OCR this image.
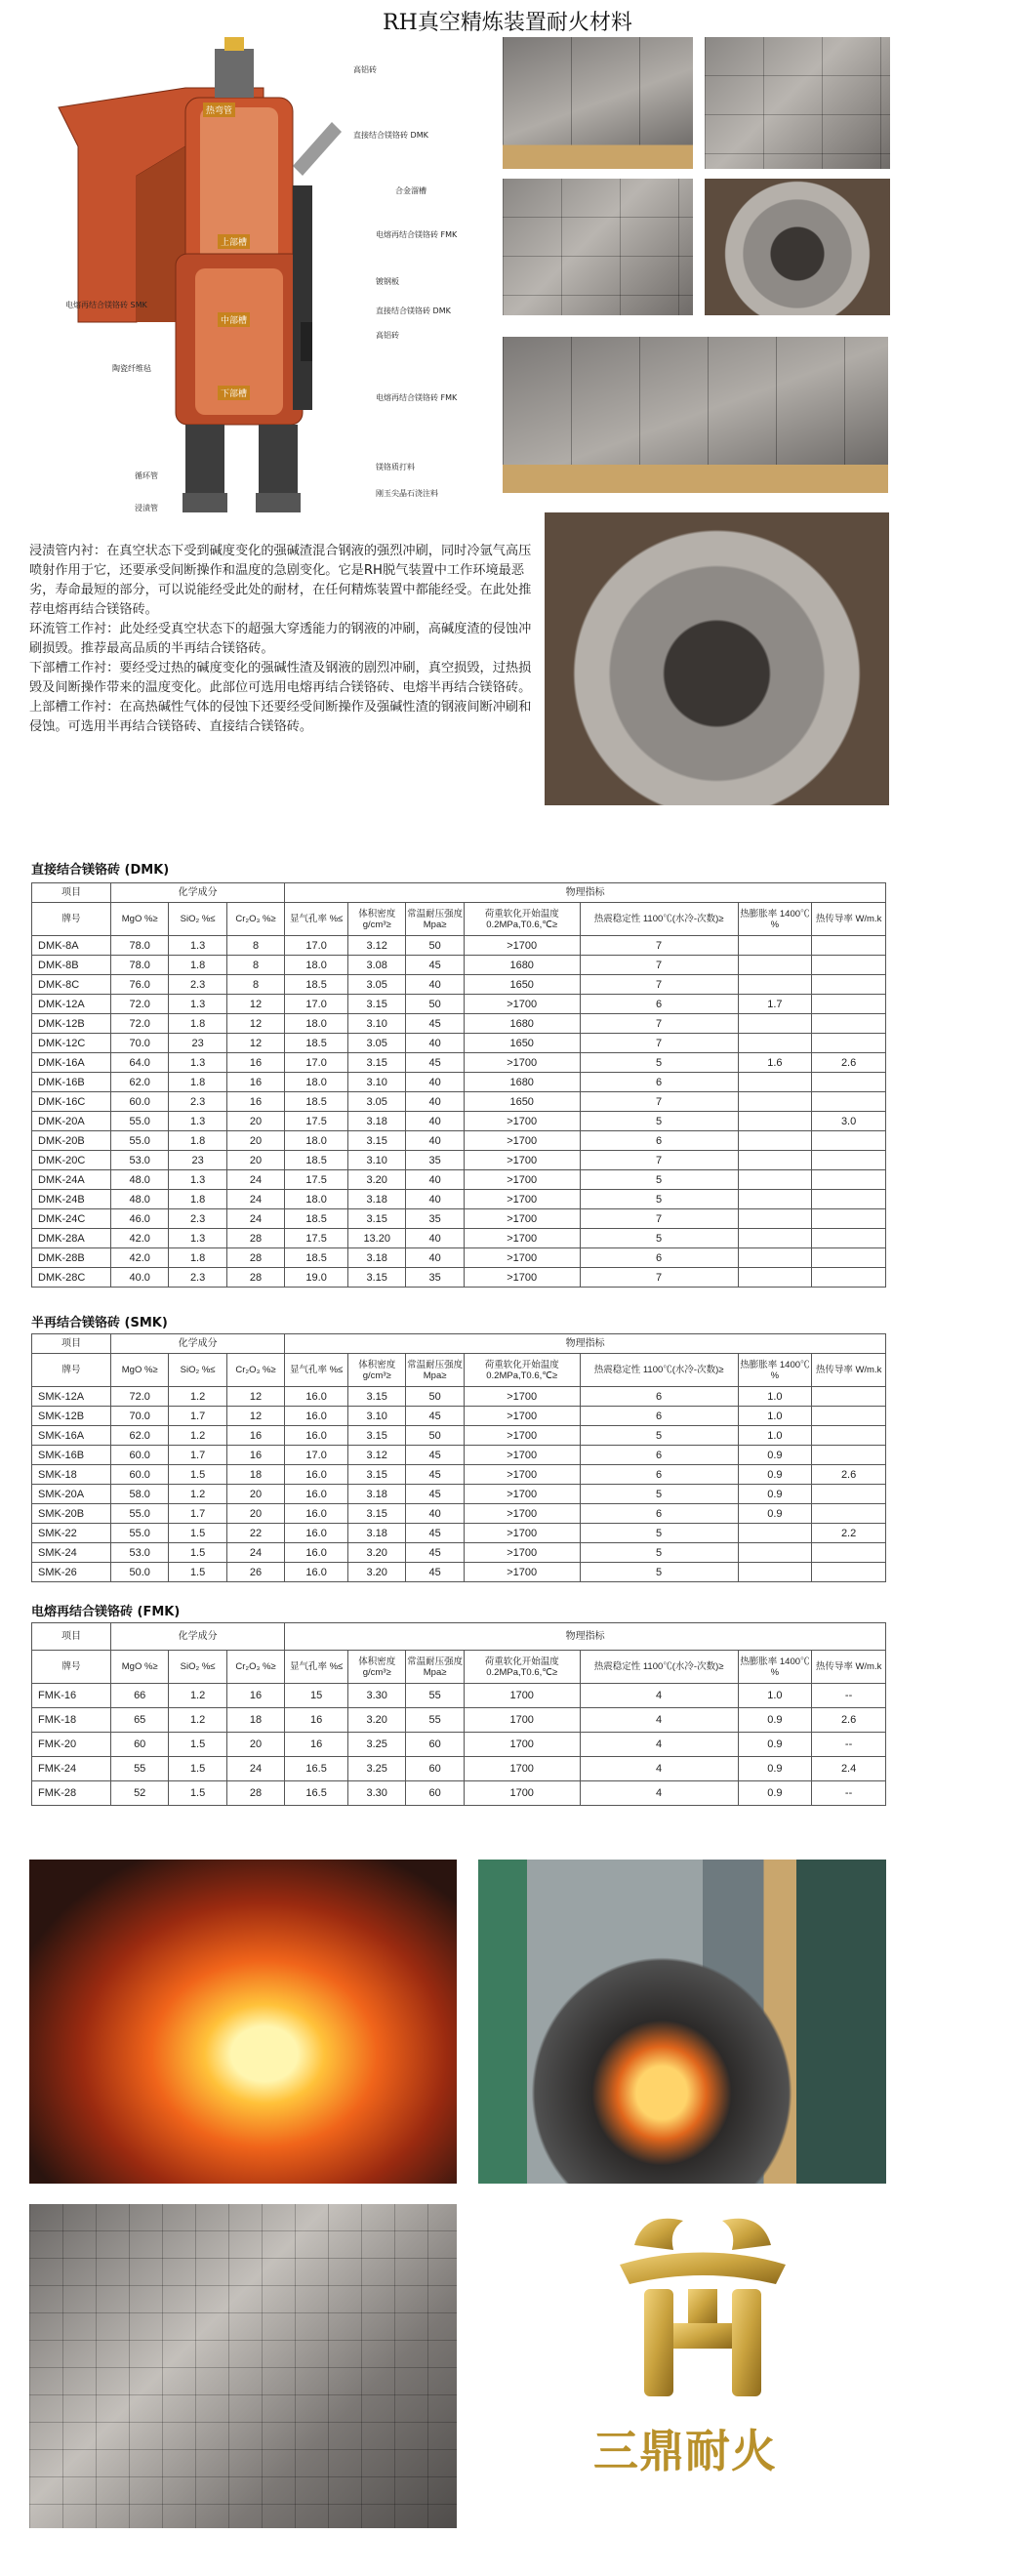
RH真空精炼装置耐火材料
热弯管
上部槽
中部槽
下部槽
高铝砖
直接结合镁铬砖 DMK
合金溜槽
电熔再结合镁铬砖 FMK
镀钢板
直接结合镁铬砖 DMK
高铝砖
电熔再结合镁铬砖 SMK
陶瓷纤维毡
电熔再结合镁铬砖 FMK
镁铬质打料
刚玉尖晶石浇注料
循环管
浸渍管

浸渍管内衬：在真空状态下受到碱度变化的强碱渣混合钢液的强烈冲刷，同时冷氩气高压喷射作用于它，还要承受间断操作和温度的急剧变化。它是RH脱气装置中工作环境最恶劣，寿命最短的部分，可以说能经受此处的耐材，在任何精炼装置中都能经受。在此处推荐电熔再结合镁铬砖。

环流管工作衬：此处经受真空状态下的超强大穿透能力的钢液的冲刷，高碱度渣的侵蚀冲刷损毁。推荐最高品质的半再结合镁铬砖。

下部槽工作衬：要经受过热的碱度变化的强碱性渣及钢液的剧烈冲刷，真空损毁，过热损毁及间断操作带来的温度变化。此部位可选用电熔再结合镁铬砖、电熔半再结合镁铬砖。

上部槽工作衬：在高热碱性气体的侵蚀下还要经受间断操作及强碱性渣的钢液间断冲刷和侵蚀。可选用半再结合镁铬砖、直接结合镁铬砖。

直接结合镁铬砖 (DMK)
项目	化学成分			物理指标						
牌号	MgO %≥	SiO₂ %≤	Cr₂O₃ %≥	显气孔率 %≤	体积密度 g/cm³≥	常温耐压强度 Mpa≥	荷重软化开始温度 0.2MPa,T0.6,℃≥	热震稳定性 1100℃(水冷-次数)≥	热膨胀率 1400℃%	热传导率 W/m.k
DMK-8A	78.0	1.3	8	17.0	3.12	50	>1700	7		
DMK-8B	78.0	1.8	8	18.0	3.08	45	1680	7		
DMK-8C	76.0	2.3	8	18.5	3.05	40	1650	7		
DMK-12A	72.0	1.3	12	17.0	3.15	50	>1700	6	1.7	
DMK-12B	72.0	1.8	12	18.0	3.10	45	1680	7		
DMK-12C	70.0	23	12	18.5	3.05	40	1650	7		
DMK-16A	64.0	1.3	16	17.0	3.15	45	>1700	5	1.6	2.6
DMK-16B	62.0	1.8	16	18.0	3.10	40	1680	6		
DMK-16C	60.0	2.3	16	18.5	3.05	40	1650	7		
DMK-20A	55.0	1.3	20	17.5	3.18	40	>1700	5		3.0
DMK-20B	55.0	1.8	20	18.0	3.15	40	>1700	6		
DMK-20C	53.0	23	20	18.5	3.10	35	>1700	7		
DMK-24A	48.0	1.3	24	17.5	3.20	40	>1700	5		
DMK-24B	48.0	1.8	24	18.0	3.18	40	>1700	5		
DMK-24C	46.0	2.3	24	18.5	3.15	35	>1700	7		
DMK-28A	42.0	1.3	28	17.5	13.20	40	>1700	5		
DMK-28B	42.0	1.8	28	18.5	3.18	40	>1700	6		
DMK-28C	40.0	2.3	28	19.0	3.15	35	>1700	7		
半再结合镁铬砖 (SMK)
项目	化学成分			物理指标						
牌号	MgO %≥	SiO₂ %≤	Cr₂O₃ %≥	显气孔率 %≤	体积密度 g/cm³≥	常温耐压强度 Mpa≥	荷重软化开始温度 0.2MPa,T0.6,℃≥	热震稳定性 1100℃(水冷-次数)≥	热膨胀率 1400℃%	热传导率 W/m.k
SMK-12A	72.0	1.2	12	16.0	3.15	50	>1700	6	1.0	
SMK-12B	70.0	1.7	12	16.0	3.10	45	>1700	6	1.0	
SMK-16A	62.0	1.2	16	16.0	3.15	50	>1700	5	1.0	
SMK-16B	60.0	1.7	16	17.0	3.12	45	>1700	6	0.9	
SMK-18	60.0	1.5	18	16.0	3.15	45	>1700	6	0.9	2.6
SMK-20A	58.0	1.2	20	16.0	3.18	45	>1700	5	0.9	
SMK-20B	55.0	1.7	20	16.0	3.15	40	>1700	6	0.9	
SMK-22	55.0	1.5	22	16.0	3.18	45	>1700	5		2.2
SMK-24	53.0	1.5	24	16.0	3.20	45	>1700	5		
SMK-26	50.0	1.5	26	16.0	3.20	45	>1700	5		
电熔再结合镁铬砖 (FMK)
项目	化学成分			物理指标						
牌号	MgO %≥	SiO₂ %≤	Cr₂O₃ %≥	显气孔率 %≤	体积密度 g/cm³≥	常温耐压强度 Mpa≥	荷重软化开始温度 0.2MPa,T0.6,℃≥	热震稳定性 1100℃(水冷-次数)≥	热膨胀率 1400℃%	热传导率 W/m.k
FMK-16	66	1.2	16	15	3.30	55	1700	4	1.0	--
FMK-18	65	1.2	18	16	3.20	55	1700	4	0.9	2.6
FMK-20	60	1.5	20	16	3.25	60	1700	4	0.9	--
FMK-24	55	1.5	24	16.5	3.25	60	1700	4	0.9	2.4
FMK-28	52	1.5	28	16.5	3.30	60	1700	4	0.9	--
三鼎耐火
